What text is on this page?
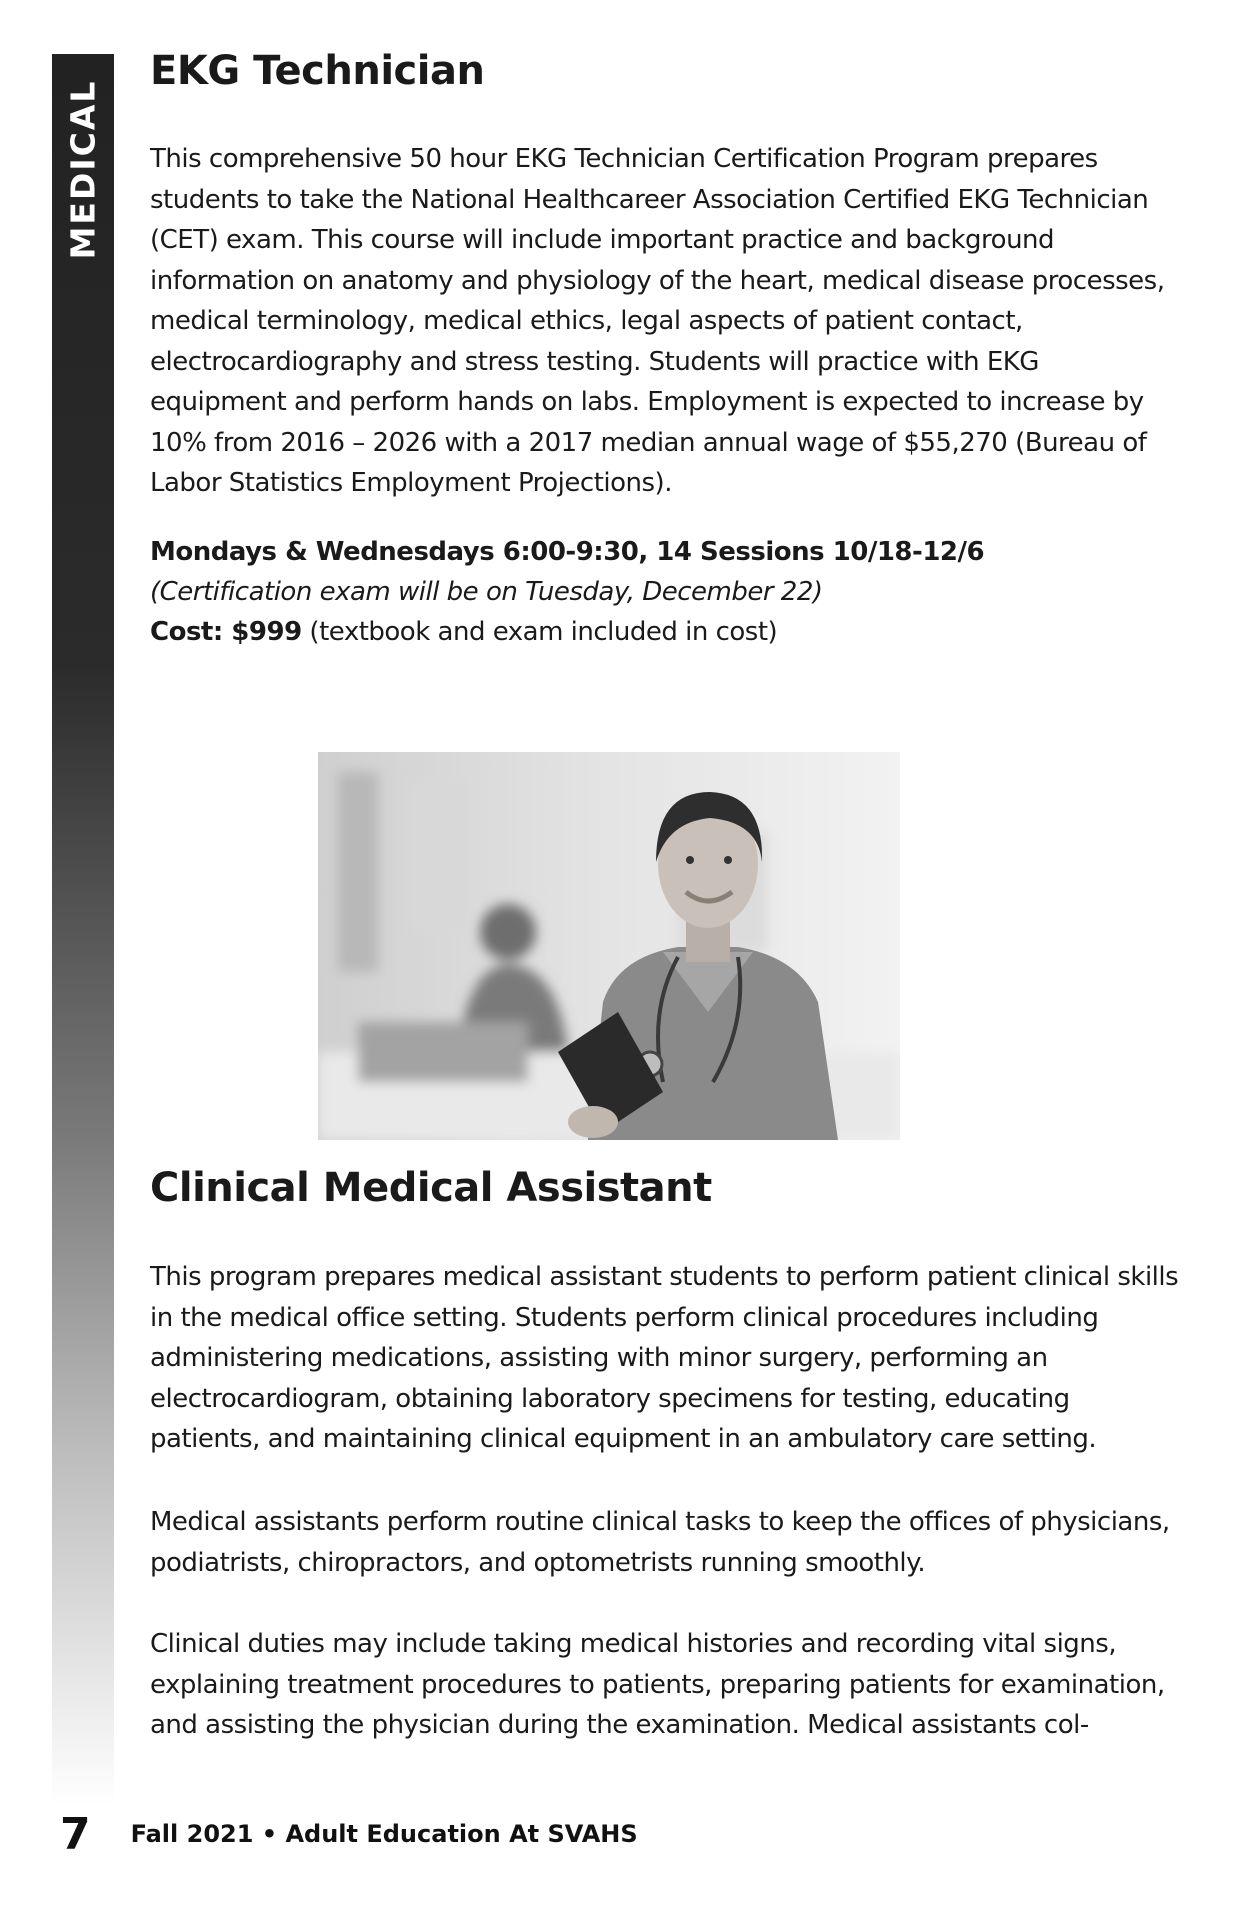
MEDICAL
EKG Technician

This comprehensive 50 hour EKG Technician Certification Program prepares students to take the National Healthcareer Association Certified EKG Technician (CET) exam. This course will include important practice and background information on anatomy and physiology of the heart, medical disease processes, medical terminology, medical ethics, legal aspects of patient contact, electrocardiography and stress testing. Students will practice with EKG equipment and perform hands on labs. Employment is expected to increase by 10% from 2016 – 2026 with a 2017 median annual wage of $55,270 (Bureau of Labor Statistics Employment Projections).

Mondays & Wednesdays 6:00-9:30, 14 Sessions 10/18-12/6

(Certification exam will be on Tuesday, December 22)

Cost: $999 (textbook and exam included in cost)

Clinical Medical Assistant

This program prepares medical assistant students to perform patient clinical skills in the medical office setting. Students perform clinical procedures including administering medications, assisting with minor surgery, performing an electrocardiogram, obtaining laboratory specimens for testing, educating patients, and maintaining clinical equipment in an ambulatory care setting.

Medical assistants perform routine clinical tasks to keep the offices of physicians, podiatrists, chiropractors, and optometrists running smoothly.

Clinical duties may include taking medical histories and recording vital signs, explaining treatment procedures to patients, preparing patients for examination, and assisting the physician during the examination. Medical assistants col-

7 Fall 2021 • Adult Education At SVAHS
